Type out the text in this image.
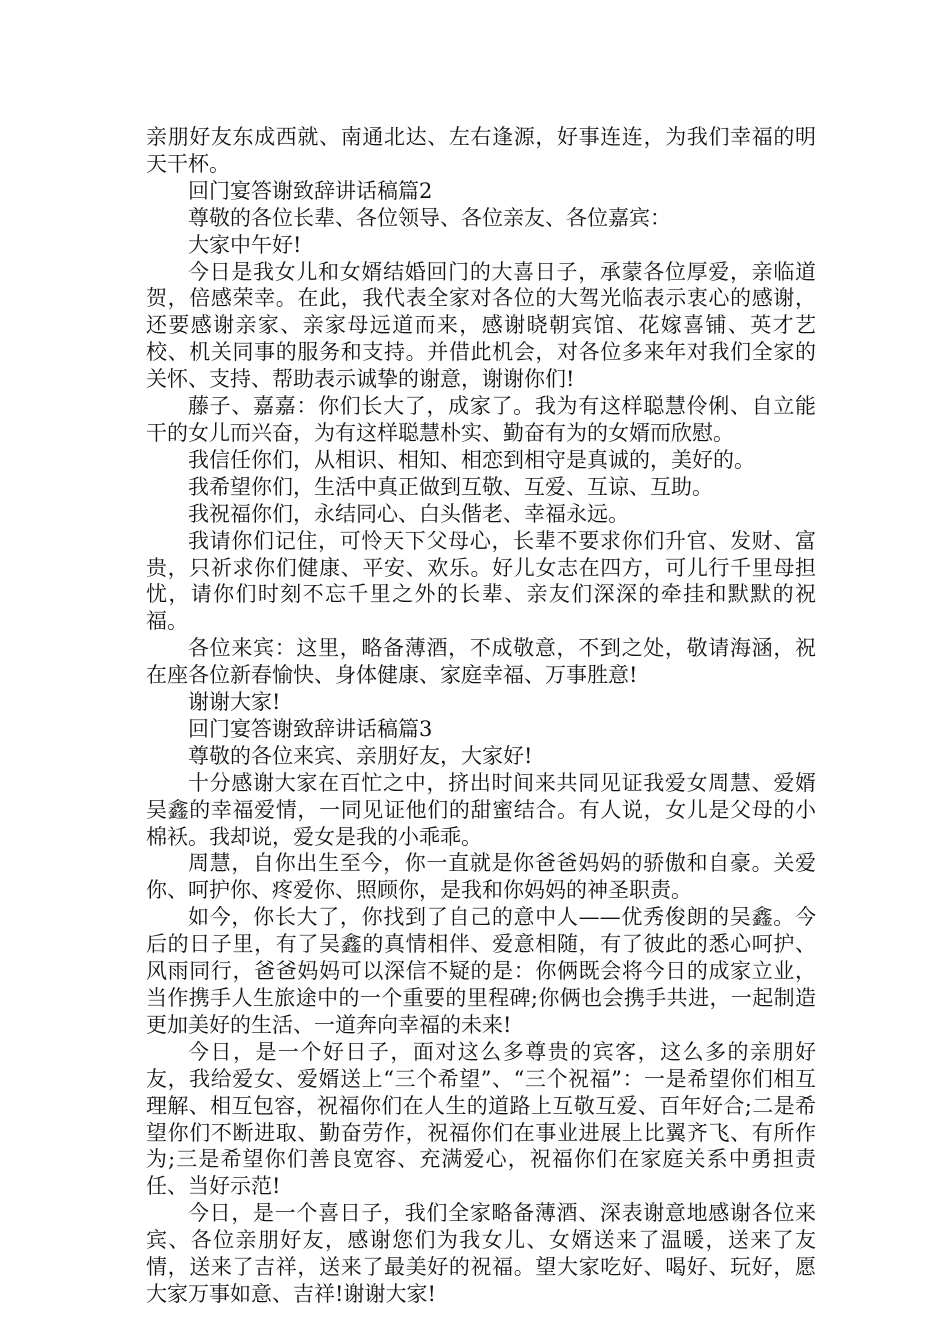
亲朋好友东成西就、南通北达、左右逢源，好事连连，为我们幸福的明天干杯。

回门宴答谢致辞讲话稿篇2

尊敬的各位长辈、各位领导、各位亲友、各位嘉宾：

大家中午好!

今日是我女儿和女婿结婚回门的大喜日子，承蒙各位厚爱，亲临道贺，倍感荣幸。在此，我代表全家对各位的大驾光临表示衷心的感谢，还要感谢亲家、亲家母远道而来，感谢晓朝宾馆、花嫁喜铺、英才艺校、机关同事的服务和支持。并借此机会，对各位多来年对我们全家的关怀、支持、帮助表示诚挚的谢意，谢谢你们!

藤子、嘉嘉：你们长大了，成家了。我为有这样聪慧伶俐、自立能干的女儿而兴奋，为有这样聪慧朴实、勤奋有为的女婿而欣慰。

我信任你们，从相识、相知、相恋到相守是真诚的，美好的。

我希望你们，生活中真正做到互敬、互爱、互谅、互助。

我祝福你们，永结同心、白头偕老、幸福永远。

我请你们记住，可怜天下父母心，长辈不要求你们升官、发财、富贵，只祈求你们健康、平安、欢乐。好儿女志在四方，可儿行千里母担忧，请你们时刻不忘千里之外的长辈、亲友们深深的牵挂和默默的祝福。

各位来宾：这里，略备薄酒，不成敬意，不到之处，敬请海涵，祝在座各位新春愉快、身体健康、家庭幸福、万事胜意!

谢谢大家!

回门宴答谢致辞讲话稿篇3

尊敬的各位来宾、亲朋好友，大家好!

十分感谢大家在百忙之中，挤出时间来共同见证我爱女周慧、爱婿吴鑫的幸福爱情，一同见证他们的甜蜜结合。有人说，女儿是父母的小棉袄。我却说，爱女是我的小乖乖。

周慧，自你出生至今，你一直就是你爸爸妈妈的骄傲和自豪。关爱你、呵护你、疼爱你、照顾你，是我和你妈妈的神圣职责。

如今，你长大了，你找到了自己的意中人——优秀俊朗的吴鑫。今后的日子里，有了吴鑫的真情相伴、爱意相随，有了彼此的悉心呵护、风雨同行，爸爸妈妈可以深信不疑的是：你俩既会将今日的成家立业，当作携手人生旅途中的一个重要的里程碑;你俩也会携手共进，一起制造更加美好的生活、一道奔向幸福的未来!

今日，是一个好日子，面对这么多尊贵的宾客，这么多的亲朋好友，我给爱女、爱婿送上“三个希望”、“三个祝福”：一是希望你们相互理解、相互包容，祝福你们在人生的道路上互敬互爱、百年好合;二是希望你们不断进取、勤奋劳作，祝福你们在事业进展上比翼齐飞、有所作为;三是希望你们善良宽容、充满爱心，祝福你们在家庭关系中勇担责任、当好示范!

今日，是一个喜日子，我们全家略备薄酒、深表谢意地感谢各位来宾、各位亲朋好友，感谢您们为我女儿、女婿送来了温暖，送来了友情，送来了吉祥，送来了最美好的祝福。望大家吃好、喝好、玩好，愿大家万事如意、吉祥!谢谢大家!
